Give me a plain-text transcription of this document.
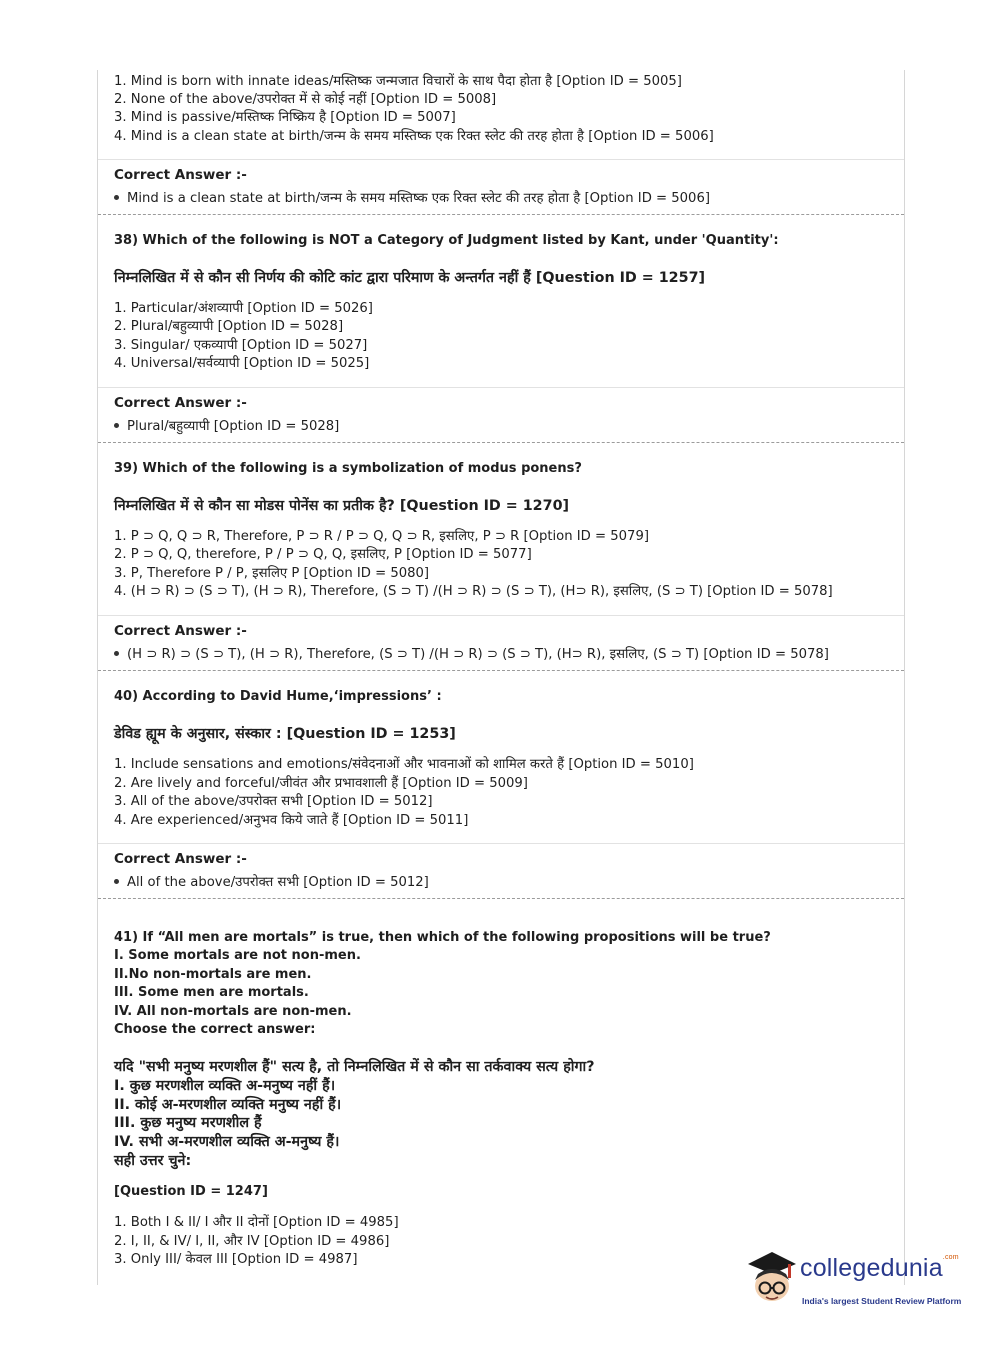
1. Mind is born with innate ideas/मस्तिष्क जन्मजात विचारों के साथ पैदा होता है [Option ID = 5005]
2. None of the above/उपरोक्त में से कोई नहीं [Option ID = 5008]
3. Mind is passive/मस्तिष्क निष्क्रिय है [Option ID = 5007]
4. Mind is a clean state at birth/जन्म के समय मस्तिष्क एक रिक्त स्लेट की तरह होता है [Option ID = 5006]
Correct Answer :-
Mind is a clean state at birth/जन्म के समय मस्तिष्क एक रिक्त स्लेट की तरह होता है [Option ID = 5006]
38) Which of the following is NOT a Category of Judgment listed by Kant, under 'Quantity':
निम्नलिखित में से कौन सी निर्णय की कोटि कांट द्वारा परिमाण के अन्तर्गत नहीं हैं [Question ID = 1257]
1. Particular/अंशव्यापी [Option ID = 5026]
2. Plural/बहुव्यापी [Option ID = 5028]
3. Singular/ एकव्यापी [Option ID = 5027]
4. Universal/सर्वव्यापी [Option ID = 5025]
Correct Answer :-
Plural/बहुव्यापी [Option ID = 5028]
39) Which of the following is a symbolization of modus ponens?
निम्नलिखित में से कौन सा मोडस पोनेंस का प्रतीक है? [Question ID = 1270]
1. P ⊃ Q, Q ⊃ R, Therefore, P ⊃ R / P ⊃ Q, Q ⊃ R, इसलिए, P ⊃ R [Option ID = 5079]
2. P ⊃ Q, Q, therefore, P / P ⊃ Q, Q, इसलिए, P [Option ID = 5077]
3. P, Therefore P / P, इसलिए P [Option ID = 5080]
4. (H ⊃ R) ⊃ (S ⊃ T), (H ⊃ R), Therefore, (S ⊃ T) /(H ⊃ R) ⊃ (S ⊃ T), (H⊃ R), इसलिए, (S ⊃ T) [Option ID = 5078]
Correct Answer :-
(H ⊃ R) ⊃ (S ⊃ T), (H ⊃ R), Therefore, (S ⊃ T) /(H ⊃ R) ⊃ (S ⊃ T), (H⊃ R), इसलिए, (S ⊃ T) [Option ID = 5078]
40) According to David Hume,‘impressions’ :
डेविड ह्यूम के अनुसार, संस्कार : [Question ID = 1253]
1. Include sensations and emotions/संवेदनाओं और भावनाओं को शामिल करते हैं [Option ID = 5010]
2. Are lively and forceful/जीवंत और प्रभावशाली हैं [Option ID = 5009]
3. All of the above/उपरोक्त सभी [Option ID = 5012]
4. Are experienced/अनुभव किये जाते हैं [Option ID = 5011]
Correct Answer :-
All of the above/उपरोक्त सभी [Option ID = 5012]
41) If “All men are mortals” is true, then which of the following propositions will be true?
I. Some mortals are not non-men.
II.No non-mortals are men.
III. Some men are mortals.
IV. All non-mortals are non-men.
Choose the correct answer:
यदि "सभी मनुष्य मरणशील हैं" सत्य है, तो निम्नलिखित में से कौन सा तर्कवाक्य सत्य होगा?
I. कुछ मरणशील व्यक्ति अ-मनुष्य नहीं हैं।
II. कोई अ-मरणशील व्यक्ति मनुष्य नहीं हैं।
III. कुछ मनुष्य मरणशील हैं
IV. सभी अ-मरणशील व्यक्ति अ-मनुष्य हैं।
सही उत्तर चुने:
[Question ID = 1247]
1. Both I & II/ I और II दोनों [Option ID = 4985]
2. I, II, & IV/ I, II, और IV [Option ID = 4986]
3. Only III/ केवल III [Option ID = 4987]	collegedunia$^{.com}$
India's largest Student Review Platform
